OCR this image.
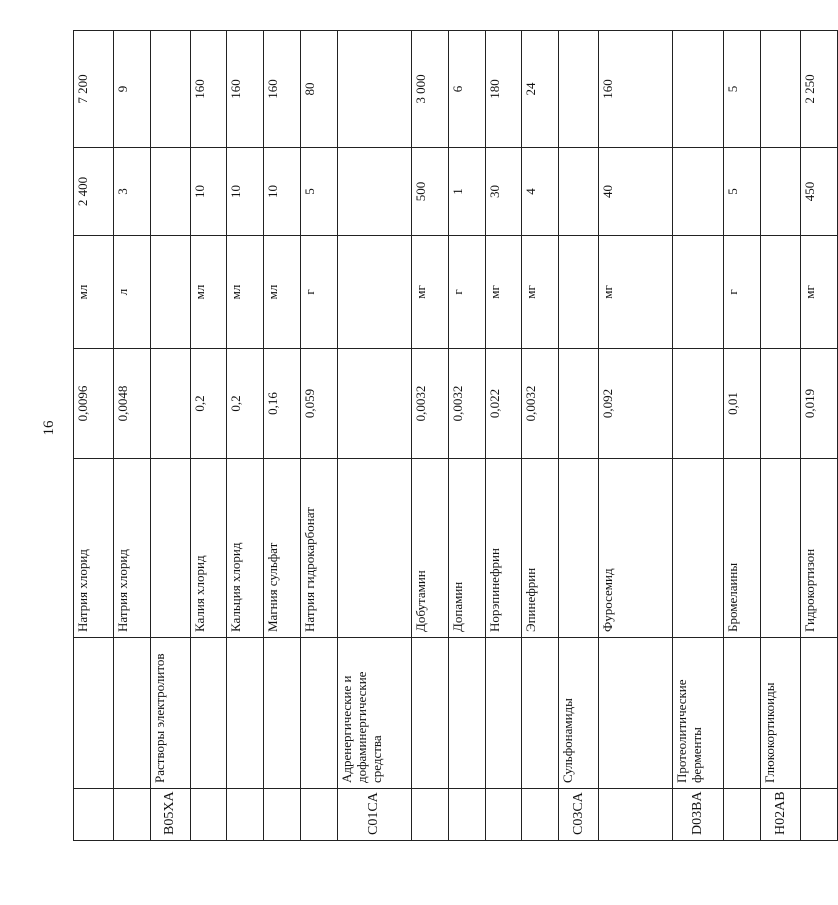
16
		Натрия хлорид	0,0096	мл	2 400	7 200
		Натрия хлорид	0,0048	л	3	9
B05XA	Растворы электролитов					
		Калия хлорид	0,2	мл	10	160
		Кальция хлорид	0,2	мл	10	160
		Магния сульфат	0,16	мл	10	160
		Натрия гидрокарбонат	0,059	г	5	80
C01CA	Адренергические и дофаминергические средства					
		Добутамин	0,0032	мг	500	3 000
		Допамин	0,0032	г	1	6
		Норэпинефрин	0,022	мг	30	180
		Эпинефрин	0,0032	мг	4	24
C03CA	Сульфонамиды					
		Фуросемид	0,092	мг	40	160
D03BA	Протеолитические ферменты					
		Бромелаины	0,01	г	5	5
H02AB	Глюкокортикоиды					
		Гидрокортизон	0,019	мг	450	2 250
